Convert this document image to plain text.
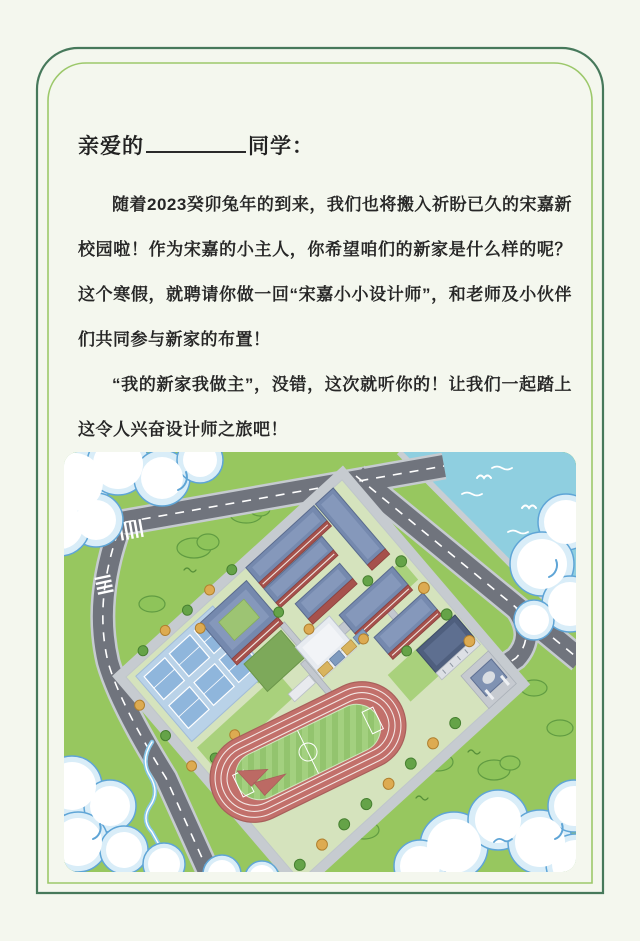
亲爱的	同学：

随着2023癸卯兔年的到来，我们也将搬入祈盼已久的宋嘉新校园啦！作为宋嘉的小主人，你希望咱们的新家是什么样的呢？这个寒假，就聘请你做一回“宋嘉小小设计师”，和老师及小伙伴们共同参与新家的布置！

“我的新家我做主”，没错，这次就听你的！让我们一起踏上这令人兴奋设计师之旅吧！
